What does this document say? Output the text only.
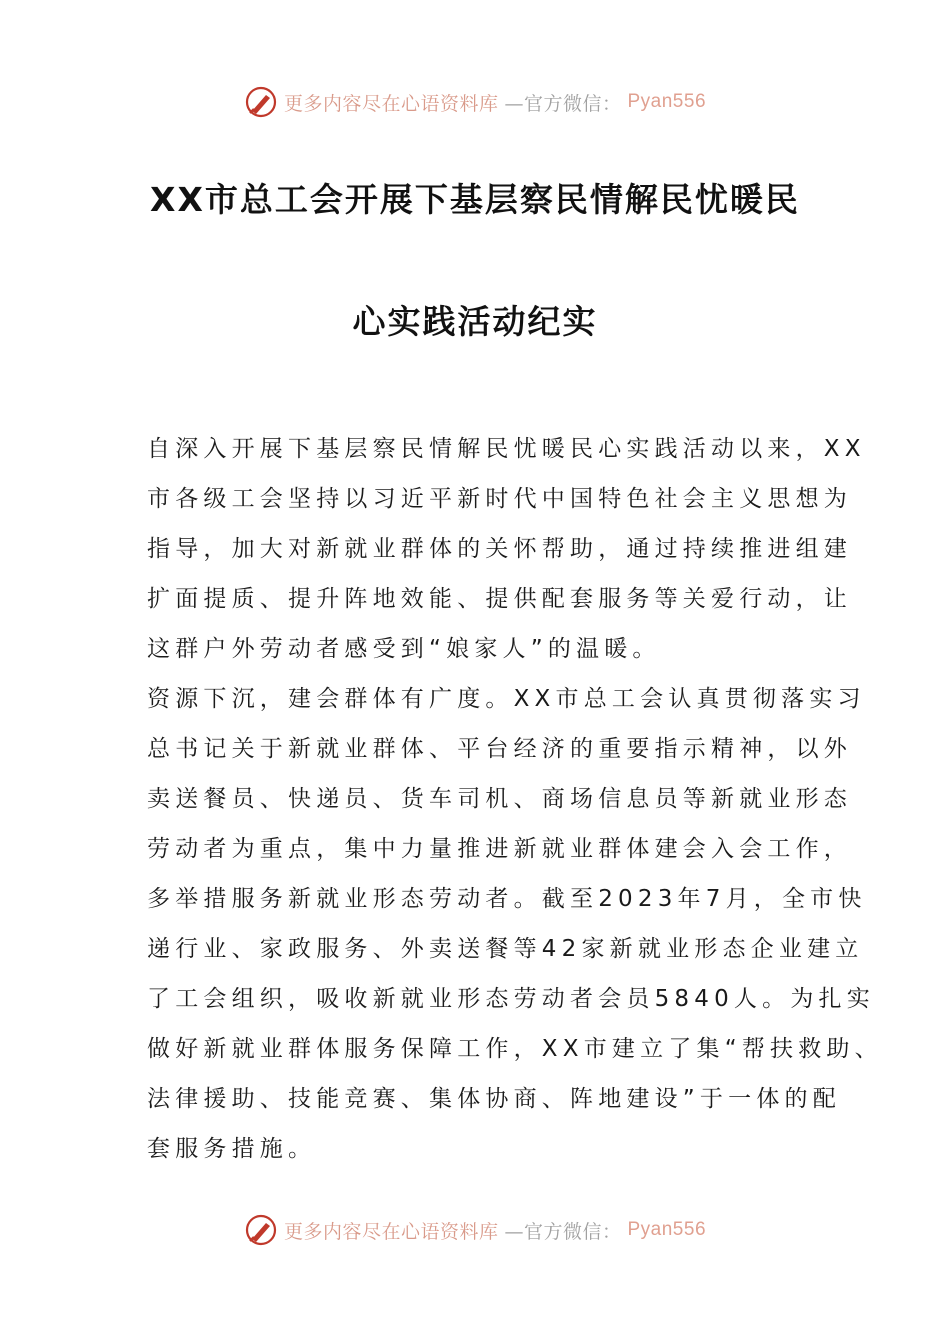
更多内容尽在心语资料库 —官方微信： Pyan556
XX市总工会开展下基层察民情解民忧暖民
心实践活动纪实
自深入开展下基层察民情解民忧暖民心实践活动以来，XX
市各级工会坚持以习近平新时代中国特色社会主义思想为
指导，加大对新就业群体的关怀帮助，通过持续推进组建
扩面提质、提升阵地效能、提供配套服务等关爱行动，让
这群户外劳动者感受到“娘家人”的温暖。
资源下沉，建会群体有广度。XX市总工会认真贯彻落实习
总书记关于新就业群体、平台经济的重要指示精神，以外
卖送餐员、快递员、货车司机、商场信息员等新就业形态
劳动者为重点，集中力量推进新就业群体建会入会工作，
多举措服务新就业形态劳动者。截至2023年7月，全市快
递行业、家政服务、外卖送餐等42家新就业形态企业建立
了工会组织，吸收新就业形态劳动者会员5840人。为扎实
做好新就业群体服务保障工作，XX市建立了集“帮扶救助、
法律援助、技能竞赛、集体协商、阵地建设”于一体的配
套服务措施。
更多内容尽在心语资料库 —官方微信： Pyan556
